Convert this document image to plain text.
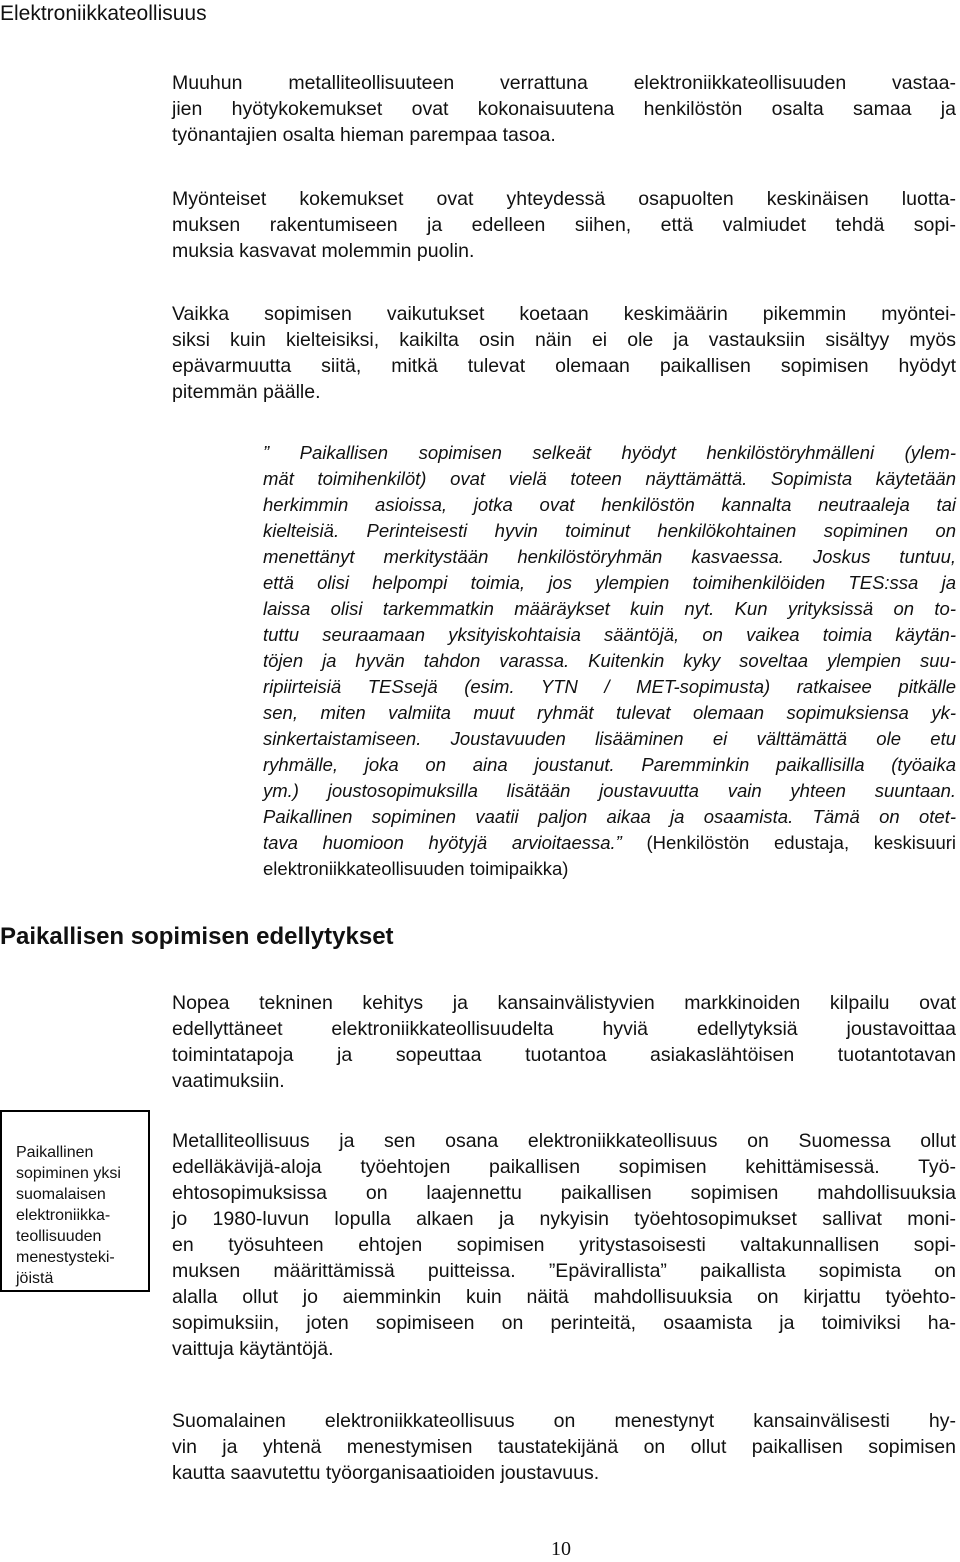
Elektroniikkateollisuus
Muuhun metalliteollisuuteen verrattuna elektroniikkateollisuuden vastaa-
jien hyötykokemukset ovat kokonaisuutena henkilöstön osalta samaa ja
työnantajien osalta hieman parempaa tasoa.
Myönteiset kokemukset ovat yhteydessä osapuolten keskinäisen luotta-
muksen rakentumiseen ja edelleen siihen, että valmiudet tehdä sopi-
muksia kasvavat molemmin puolin.
Vaikka sopimisen vaikutukset koetaan keskimäärin pikemmin myöntei-
siksi kuin kielteisiksi, kaikilta osin näin ei ole ja vastauksiin sisältyy myös
epävarmuutta siitä, mitkä tulevat olemaan paikallisen sopimisen hyödyt
pitemmän päälle.
” Paikallisen sopimisen selkeät hyödyt henkilöstöryhmälleni (ylem-
mät toimihenkilöt) ovat vielä toteen näyttämättä. Sopimista käytetään
herkimmin asioissa, jotka ovat henkilöstön kannalta neutraaleja tai
kielteisiä. Perinteisesti hyvin toiminut henkilökohtainen sopiminen on
menettänyt merkitystään henkilöstöryhmän kasvaessa. Joskus tuntuu,
että olisi helpompi toimia, jos ylempien toimihenkilöiden TES:ssa ja
laissa olisi tarkemmatkin määräykset kuin nyt. Kun yrityksissä on to-
tuttu seuraamaan yksityiskohtaisia sääntöjä, on vaikea toimia käytän-
töjen ja hyvän tahdon varassa. Kuitenkin kyky soveltaa ylempien suu-
ripiirteisiä TESsejä (esim. YTN / MET-sopimusta) ratkaisee pitkälle
sen, miten valmiita muut ryhmät tulevat olemaan sopimuksiensa yk-
sinkertaistamiseen. Joustavuuden lisääminen ei välttämättä ole etu
ryhmälle, joka on aina joustanut. Paremminkin paikallisilla (työaika
ym.) joustosopimuksilla lisätään joustavuutta vain yhteen suuntaan.
Paikallinen sopiminen vaatii paljon aikaa ja osaamista. Tämä on otet-
tava huomioon hyötyjä arvioitaessa.” (Henkilöstön edustaja, keskisuuri
elektroniikkateollisuuden toimipaikka)
Paikallisen sopimisen edellytykset
Nopea tekninen kehitys ja kansainvälistyvien markkinoiden kilpailu ovat
edellyttäneet elektroniikkateollisuudelta hyviä edellytyksiä joustavoittaa
toimintatapoja ja sopeuttaa tuotantoa asiakaslähtöisen tuotantotavan
vaatimuksiin.
Paikallinen
sopiminen yksi
suomalaisen
elektroniikka-
teollisuuden
menestysteki-
jöistä
Metalliteollisuus ja sen osana elektroniikkateollisuus on Suomessa ollut
edelläkävijä-aloja työehtojen paikallisen sopimisen kehittämisessä. Työ-
ehtosopimuksissa on laajennettu paikallisen sopimisen mahdollisuuksia
jo 1980-luvun lopulla alkaen ja nykyisin työehtosopimukset sallivat moni-
en työsuhteen ehtojen sopimisen yritystasoisesti valtakunnallisen sopi-
muksen määrittämissä puitteissa. ”Epävirallista” paikallista sopimista on
alalla ollut jo aiemminkin kuin näitä mahdollisuuksia on kirjattu työehto-
sopimuksiin, joten sopimiseen on perinteitä, osaamista ja toimiviksi ha-
vaittuja käytäntöjä.
Suomalainen elektroniikkateollisuus on menestynyt kansainvälisesti hy-
vin ja yhtenä menestymisen taustatekijänä on ollut paikallisen sopimisen
kautta saavutettu työorganisaatioiden joustavuus.
10
